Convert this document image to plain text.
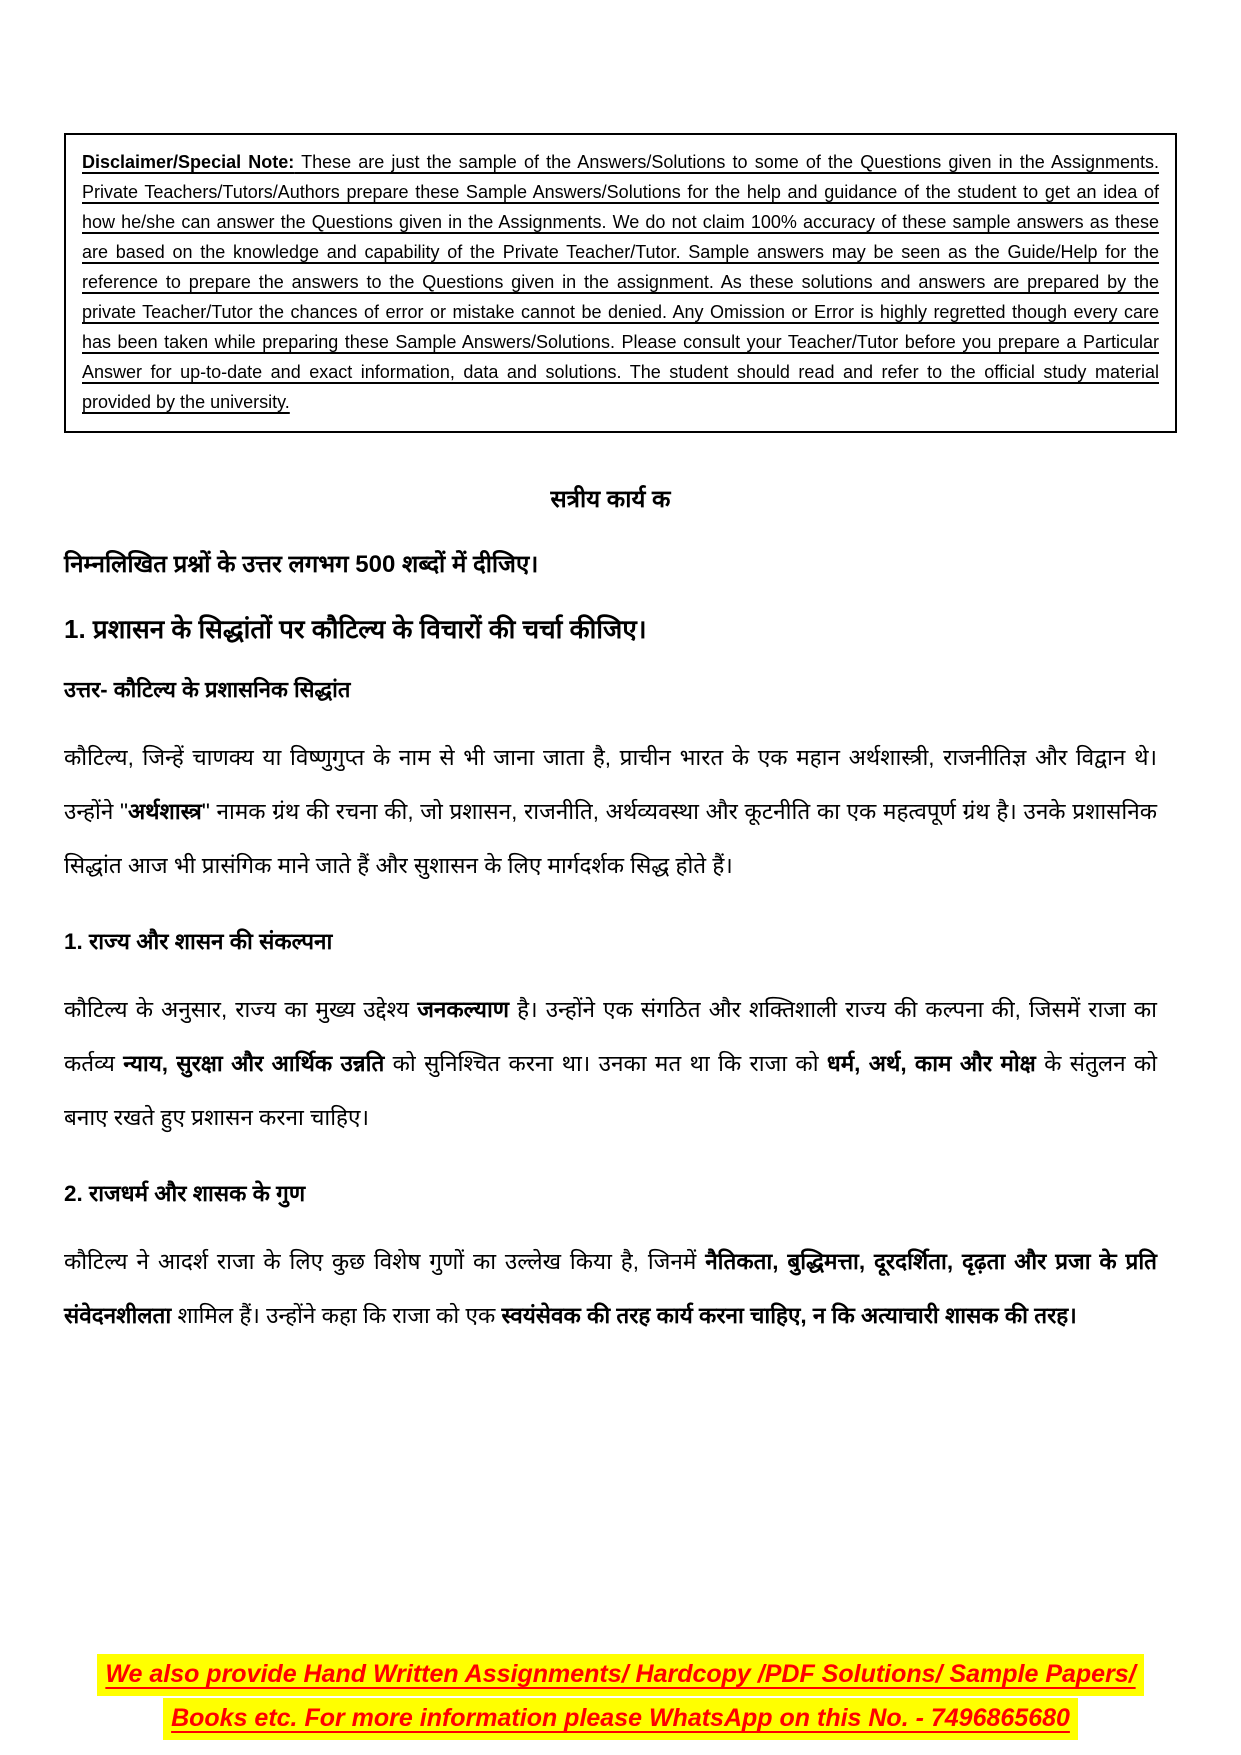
Disclaimer/Special Note: These are just the sample of the Answers/Solutions to some of the Questions given in the Assignments. Private Teachers/Tutors/Authors prepare these Sample Answers/Solutions for the help and guidance of the student to get an idea of how he/she can answer the Questions given in the Assignments. We do not claim 100% accuracy of these sample answers as these are based on the knowledge and capability of the Private Teacher/Tutor. Sample answers may be seen as the Guide/Help for the reference to prepare the answers to the Questions given in the assignment. As these solutions and answers are prepared by the private Teacher/Tutor the chances of error or mistake cannot be denied. Any Omission or Error is highly regretted though every care has been taken while preparing these Sample Answers/Solutions. Please consult your Teacher/Tutor before you prepare a Particular Answer for up-to-date and exact information, data and solutions. The student should read and refer to the official study material provided by the university.
सत्रीय कार्य क
निम्नलिखित प्रश्नों के उत्तर लगभग 500 शब्दों में दीजिए।
1. प्रशासन के सिद्धांतों पर कौटिल्य के विचारों की चर्चा कीजिए।
उत्तर- कौटिल्य के प्रशासनिक सिद्धांत
कौटिल्य, जिन्हें चाणक्य या विष्णुगुप्त के नाम से भी जाना जाता है, प्राचीन भारत के एक महान अर्थशास्त्री, राजनीतिज्ञ और विद्वान थे। उन्होंने "अर्थशास्त्र" नामक ग्रंथ की रचना की, जो प्रशासन, राजनीति, अर्थव्यवस्था और कूटनीति का एक महत्वपूर्ण ग्रंथ है। उनके प्रशासनिक सिद्धांत आज भी प्रासंगिक माने जाते हैं और सुशासन के लिए मार्गदर्शक सिद्ध होते हैं।
1. राज्य और शासन की संकल्पना
कौटिल्य के अनुसार, राज्य का मुख्य उद्देश्य जनकल्याण है। उन्होंने एक संगठित और शक्तिशाली राज्य की कल्पना की, जिसमें राजा का कर्तव्य न्याय, सुरक्षा और आर्थिक उन्नति को सुनिश्चित करना था। उनका मत था कि राजा को धर्म, अर्थ, काम और मोक्ष के संतुलन को बनाए रखते हुए प्रशासन करना चाहिए।
2. राजधर्म और शासक के गुण
कौटिल्य ने आदर्श राजा के लिए कुछ विशेष गुणों का उल्लेख किया है, जिनमें नैतिकता, बुद्धिमत्ता, दूरदर्शिता, दृढ़ता और प्रजा के प्रति संवेदनशीलता शामिल हैं। उन्होंने कहा कि राजा को एक स्वयंसेवक की तरह कार्य करना चाहिए, न कि अत्याचारी शासक की तरह।
We also provide Hand Written Assignments/ Hardcopy /PDF Solutions/ Sample Papers/
Books etc. For more information please WhatsApp on this No. - 7496865680
